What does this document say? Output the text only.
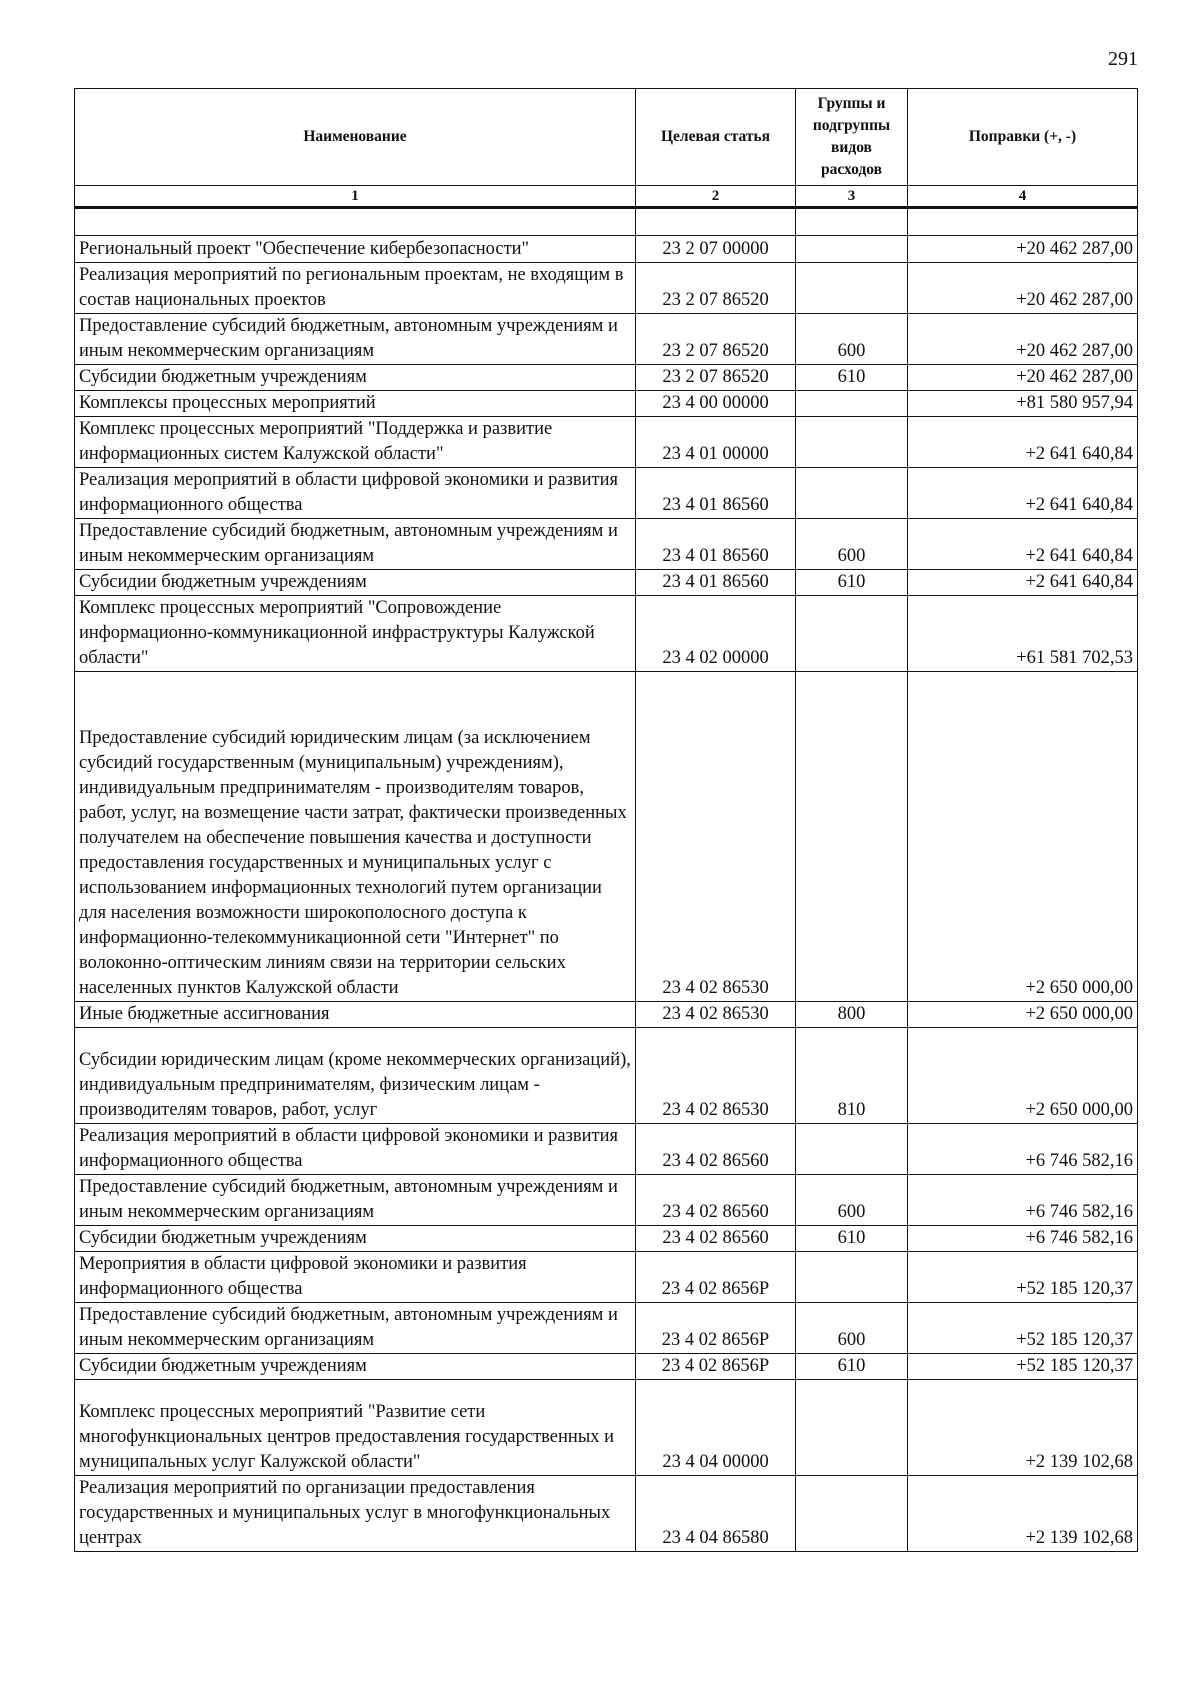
291
Наименование	Целевая статья	Группы и подгруппы видов расходов	Поправки (+, -)
1	2	3	4

Региональный проект "Обеспечение кибербезопасности"	23 2 07 00000		+20 462 287,00
Реализация мероприятий по региональным проектам, не входящим в состав национальных проектов	23 2 07 86520		+20 462 287,00
Предоставление субсидий бюджетным, автономным учреждениям и иным некоммерческим организациям	23 2 07 86520	600	+20 462 287,00
Субсидии бюджетным учреждениям	23 2 07 86520	610	+20 462 287,00
Комплексы процессных мероприятий	23 4 00 00000		+81 580 957,94
Комплекс процессных мероприятий "Поддержка и развитие информационных систем Калужской области"	23 4 01 00000		+2 641 640,84
Реализация мероприятий в области цифровой экономики и развития информационного общества	23 4 01 86560		+2 641 640,84
Предоставление субсидий бюджетным, автономным учреждениям и иным некоммерческим организациям	23 4 01 86560	600	+2 641 640,84
Субсидии бюджетным учреждениям	23 4 01 86560	610	+2 641 640,84
Комплекс процессных мероприятий "Сопровождение информационно-коммуникационной инфраструктуры Калужской области"	23 4 02 00000		+61 581 702,53
Предоставление субсидий юридическим лицам (за исключением субсидий государственным (муниципальным) учреждениям), индивидуальным предпринимателям - производителям товаров, работ, услуг, на возмещение части затрат, фактически произведенных получателем на обеспечение повышения качества и доступности предоставления государственных и муниципальных услуг с использованием информационных технологий путем организации для населения возможности широкополосного доступа к информационно-телекоммуникационной сети "Интернет" по волоконно-оптическим линиям связи на территории сельских населенных пунктов Калужской области	23 4 02 86530		+2 650 000,00
Иные бюджетные ассигнования	23 4 02 86530	800	+2 650 000,00
Субсидии юридическим лицам (кроме некоммерческих организаций), индивидуальным предпринимателям, физическим лицам - производителям товаров, работ, услуг	23 4 02 86530	810	+2 650 000,00
Реализация мероприятий в области цифровой экономики и развития информационного общества	23 4 02 86560		+6 746 582,16
Предоставление субсидий бюджетным, автономным учреждениям и иным некоммерческим организациям	23 4 02 86560	600	+6 746 582,16
Субсидии бюджетным учреждениям	23 4 02 86560	610	+6 746 582,16
Мероприятия в области цифровой экономики и развития информационного общества	23 4 02 8656Р		+52 185 120,37
Предоставление субсидий бюджетным, автономным учреждениям и иным некоммерческим организациям	23 4 02 8656Р	600	+52 185 120,37
Субсидии бюджетным учреждениям	23 4 02 8656Р	610	+52 185 120,37
Комплекс процессных мероприятий "Развитие сети многофункциональных центров предоставления государственных и муниципальных услуг Калужской области"	23 4 04 00000		+2 139 102,68
Реализация мероприятий по организации предоставления государственных и муниципальных услуг в многофункциональных центрах	23 4 04 86580		+2 139 102,68
